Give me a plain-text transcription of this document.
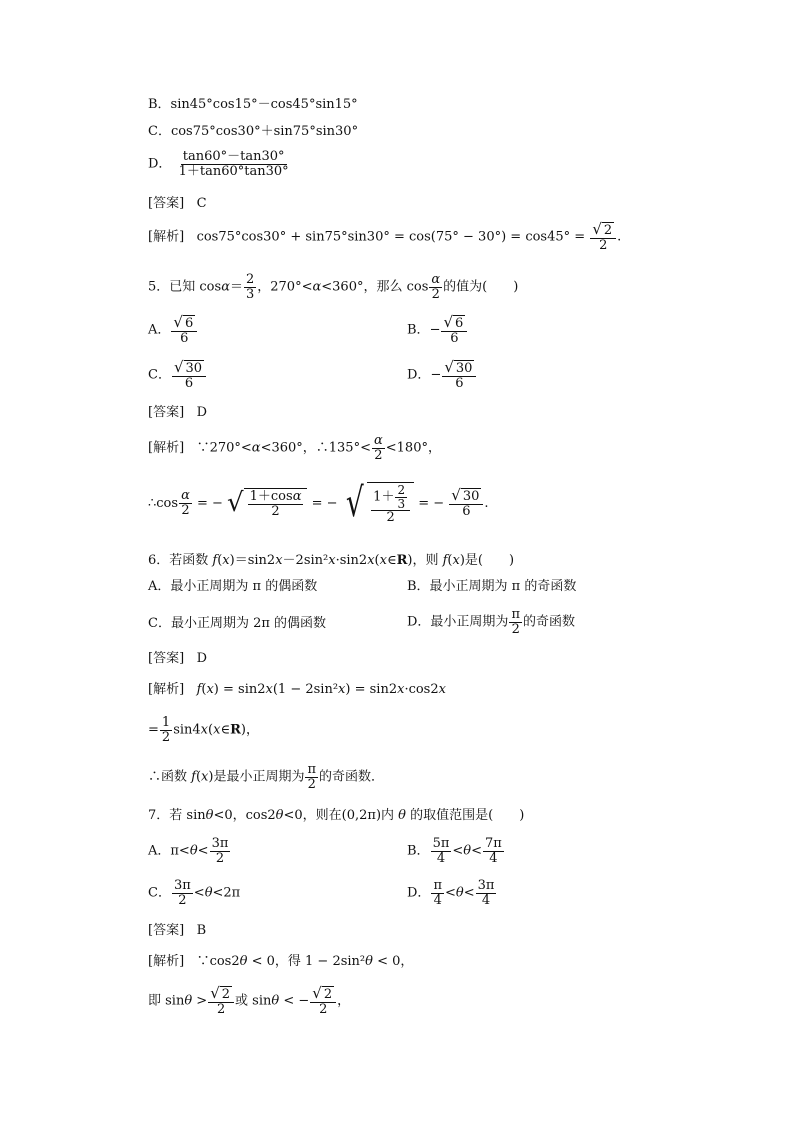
B．sin45°cos15°－cos45°sin15°
C．cos75°cos30°＋sin75°sin30°
D． $\frac{\tan 60^\circ-\tan 30^\circ}{1+\tan 60^\circ\tan 30^\circ}$
[答案] C
[解析] $\cos 75^\circ\cos 30^\circ + \sin 75^\circ\sin 30^\circ = \cos(75^\circ - 30^\circ) = \cos 45^\circ = \frac{√ 2}{2}$ .
5．已知 $\cos\alpha= \frac{2}{3}$ ，270°<α<360°，那么 $\cos \frac{\alpha}{2}$ 的值为(　　)
A． $\frac{√ 6}{6}$	B．− $\frac{√ 6}{6}$
C． $\frac{√ 30}{6}$	D．− $\frac{√ 30}{6}$
[答案] D
[解析] ∵270°<α<360°，∴135°< $\frac{\alpha}{2} <180^\circ$，
∴cos $\frac{\alpha}{2}$ = − √ $\frac{1+\cos\alpha}{2}$ = − √ $\frac{1+ \frac{2}{3}}{2}$ = − $\frac{√ 30}{6}$ .
6．若函数 f(x)＝sin2x－2sin²x·sin2x(x∈R)，则 f(x)是(　　)
A．最小正周期为 π 的偶函数	B．最小正周期为 π 的奇函数
C．最小正周期为 2π 的偶函数	D．最小正周期为 $\frac{\pi}{2}$ 的奇函数
[答案] D
[解析] f(x) = sin2x(1 − 2sin²x) = sin2x·cos2x
= $\frac{1}{2}$ sin4x(x∈R)，
∴函数 f(x)是最小正周期为 $\frac{\pi}{2}$ 的奇函数．
7．若 sinθ<0，cos2θ<0，则在(0,2π)内 θ 的取值范围是(　　)
A．$\pi<\theta< \frac{3\pi}{2}$	B． $\frac{5\pi}{4} <\theta< \frac{7\pi}{4}$
C． $\frac{3\pi}{2} <\theta<2\pi$	D． $\frac{\pi}{4} <\theta< \frac{3\pi}{4}$
[答案] B
[解析] ∵cos2θ < 0，得 1 − 2sin²θ < 0，
即 $\sin\theta > \frac{√ 2}{2}$ 或 sinθ < − $\frac{√ 2}{2}$ ，
